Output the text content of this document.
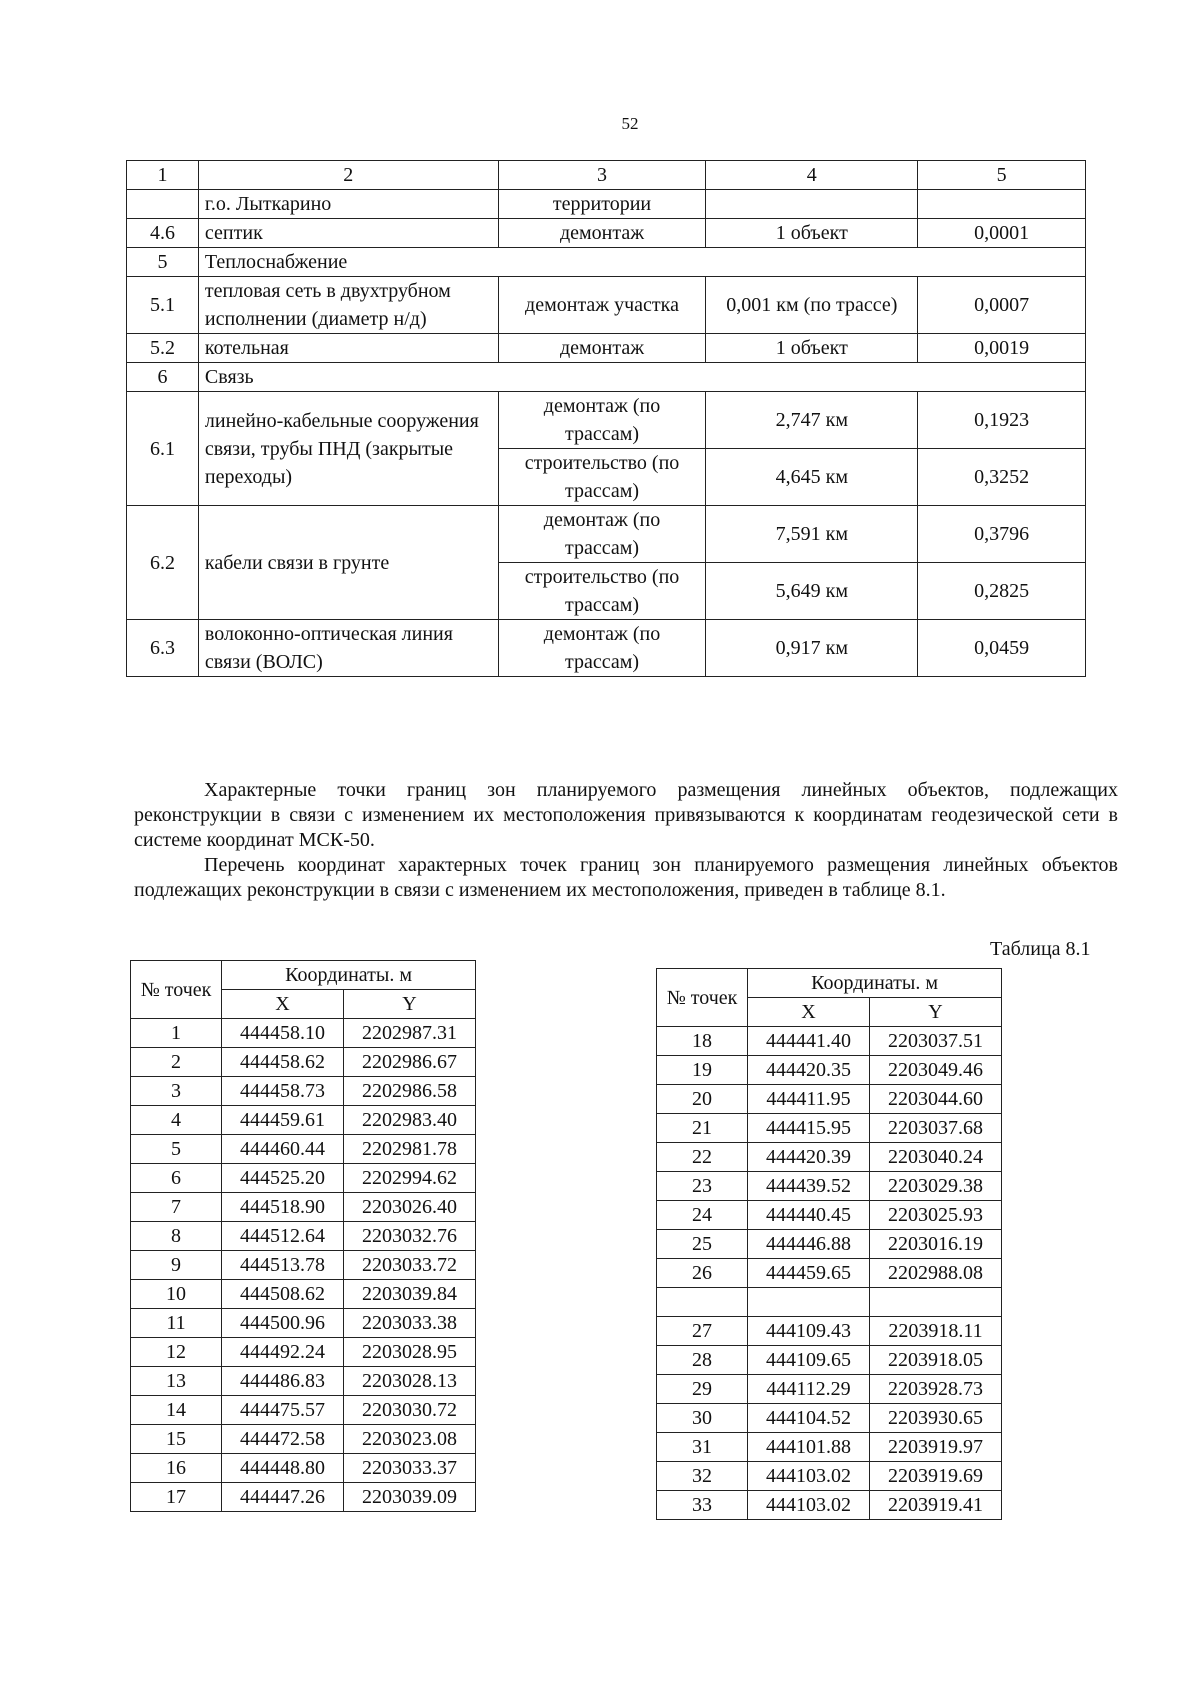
52
1	2	3	4	5
	г.о. Лыткарино	территории		
4.6	септик	демонтаж	1 объект	0,0001
5	Теплоснабжение			
5.1	тепловая сеть в двухтрубном исполнении (диаметр н/д)	демонтаж участка	0,001 км (по трассе)	0,0007
5.2	котельная	демонтаж	1 объект	0,0019
6	Связь			
6.1	линейно-кабельные сооружения связи, трубы ПНД (закрытые переходы)	демонтаж (по трассам)	2,747 км	0,1923
		строительство (по трассам)	4,645 км	0,3252
6.2	кабели связи в грунте	демонтаж (по трассам)	7,591 км	0,3796
		строительство (по трассам)	5,649 км	0,2825
6.3	волоконно-оптическая линия связи (ВОЛС)	демонтаж (по трассам)	0,917 км	0,0459

Характерные точки границ зон планируемого размещения линейных объектов, подлежащих реконструкции в связи с изменением их местоположения привязываются к координатам геодезической сети в системе координат МСК-50.

Перечень координат характерных точек границ зон планируемого размещения линейных объектов подлежащих реконструкции в связи с изменением их местоположения, приведен в таблице 8.1.

Таблица 8.1
№ точек	Координаты. м	
	X	Y
1	444458.10	2202987.31
2	444458.62	2202986.67
3	444458.73	2202986.58
4	444459.61	2202983.40
5	444460.44	2202981.78
6	444525.20	2202994.62
7	444518.90	2203026.40
8	444512.64	2203032.76
9	444513.78	2203033.72
10	444508.62	2203039.84
11	444500.96	2203033.38
12	444492.24	2203028.95
13	444486.83	2203028.13
14	444475.57	2203030.72
15	444472.58	2203023.08
16	444448.80	2203033.37
17	444447.26	2203039.09
№ точек	Координаты. м	
	X	Y
18	444441.40	2203037.51
19	444420.35	2203049.46
20	444411.95	2203044.60
21	444415.95	2203037.68
22	444420.39	2203040.24
23	444439.52	2203029.38
24	444440.45	2203025.93
25	444446.88	2203016.19
26	444459.65	2202988.08

27	444109.43	2203918.11
28	444109.65	2203918.05
29	444112.29	2203928.73
30	444104.52	2203930.65
31	444101.88	2203919.97
32	444103.02	2203919.69
33	444103.02	2203919.41
